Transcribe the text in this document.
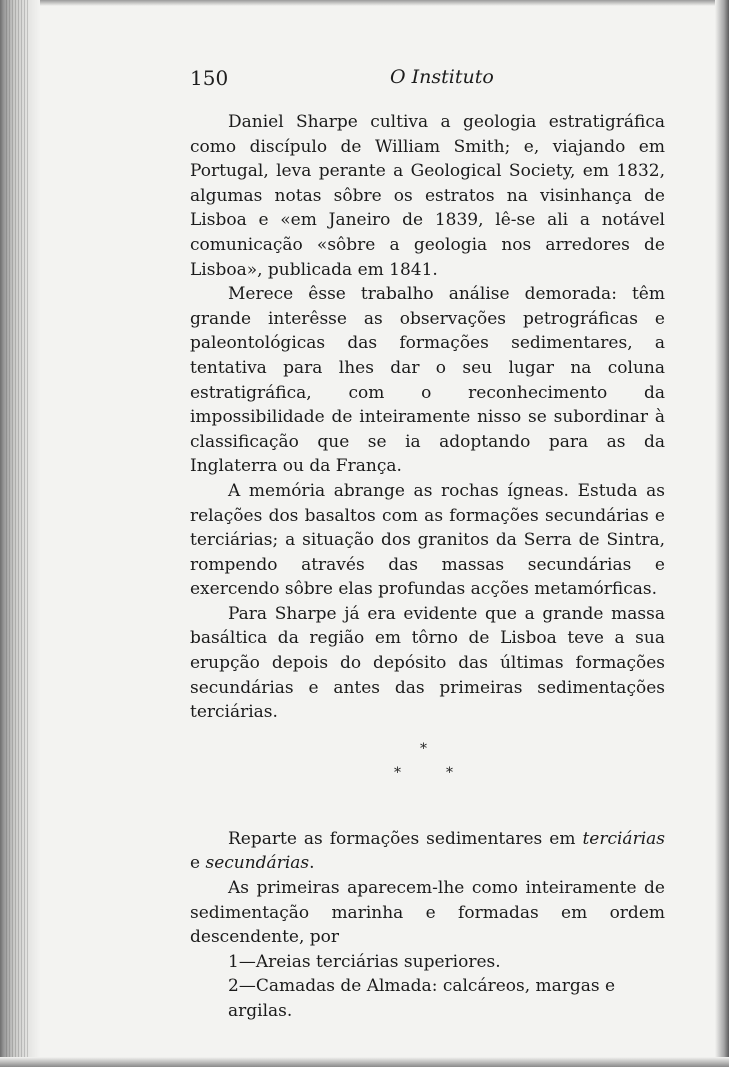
150	O Instituto

Daniel Sharpe cultiva a geologia estratigráfica como discípulo de William Smith; e, viajando em Portugal, leva perante a Geological Society, em 1832, algumas notas sôbre os estratos na visinhança de Lisboa e «em Janeiro de 1839, lê-se ali a notável comunicação «sôbre a geologia nos arredores de Lisboa», publicada em 1841.

Merece êsse trabalho análise demorada: têm grande interêsse as observações petrográficas e paleontológicas das formações sedimentares, a tentativa para lhes dar o seu lugar na coluna estratigráfica, com o reconhecimento da impossibilidade de inteiramente nisso se subordinar à classificação que se ia adoptando para as da Inglaterra ou da França.

A memória abrange as rochas ígneas. Estuda as relações dos basaltos com as formações secundárias e terciárias; a situação dos granitos da Serra de Sintra, rompendo através das massas secundárias e exercendo sôbre elas profundas acções metamórficas.

Para Sharpe já era evidente que a grande massa basáltica da região em tôrno de Lisboa teve a sua erupção depois do depósito das últimas formações secundárias e antes das primeiras sedimentações terciárias.

*
*	*

Reparte as formações sedimentares em terciárias e secundárias.

As primeiras aparecem-lhe como inteiramente de sedimentação marinha e formadas em ordem descendente, por

1—Areias terciárias superiores.

2—Camadas de Almada: calcáreos, margas e argilas.
